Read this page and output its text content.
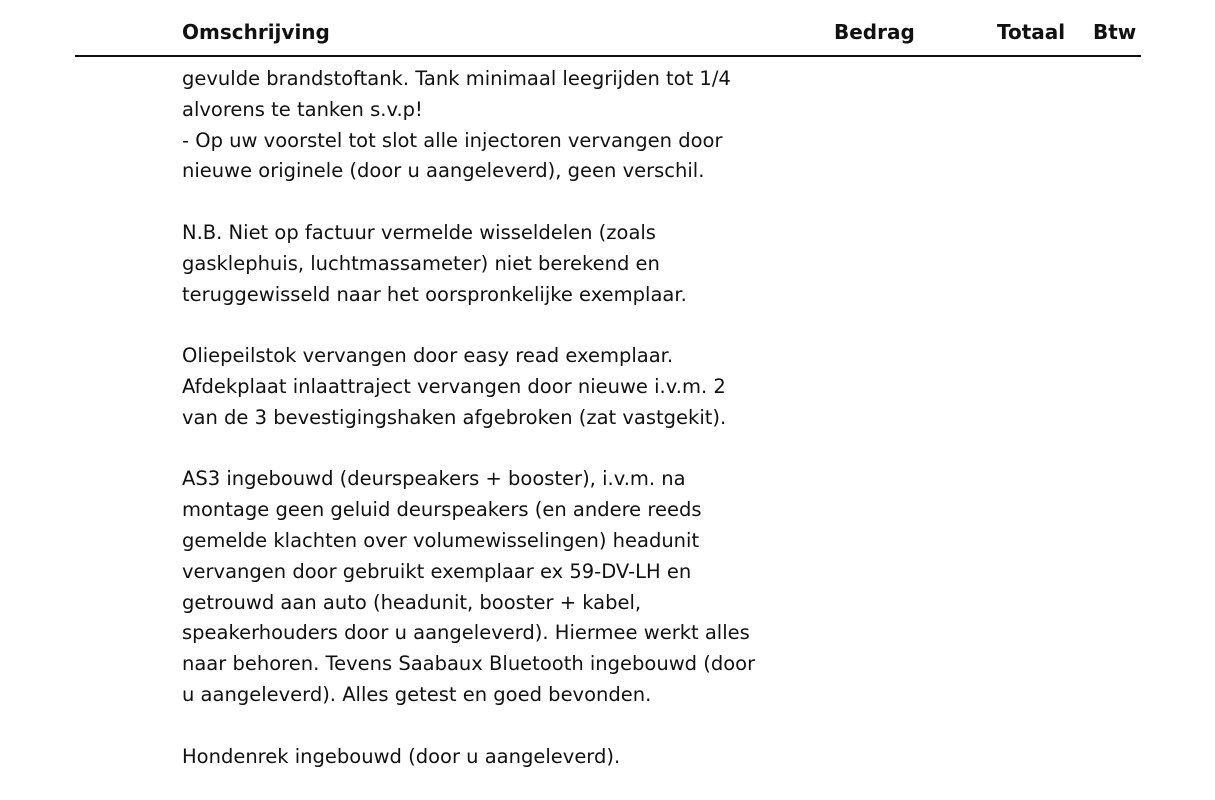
Omschrijving	Bedrag	Totaal Btw
gevulde brandstoftank. Tank minimaal leegrijden tot 1/4
alvorens te tanken s.v.p!
- Op uw voorstel tot slot alle injectoren vervangen door
nieuwe originele (door u aangeleverd), geen verschil.
N.B. Niet op factuur vermelde wisseldelen (zoals
gasklephuis, luchtmassameter) niet berekend en
teruggewisseld naar het oorspronkelijke exemplaar.
Oliepeilstok vervangen door easy read exemplaar.
Afdekplaat inlaattraject vervangen door nieuwe i.v.m. 2
van de 3 bevestigingshaken afgebroken (zat vastgekit).
AS3 ingebouwd (deurspeakers + booster), i.v.m. na
montage geen geluid deurspeakers (en andere reeds
gemelde klachten over volumewisselingen) headunit
vervangen door gebruikt exemplaar ex 59-DV-LH en
getrouwd aan auto (headunit, booster + kabel,
speakerhouders door u aangeleverd). Hiermee werkt alles
naar behoren. Tevens Saabaux Bluetooth ingebouwd (door
u aangeleverd). Alles getest en goed bevonden.
Hondenrek ingebouwd (door u aangeleverd).
